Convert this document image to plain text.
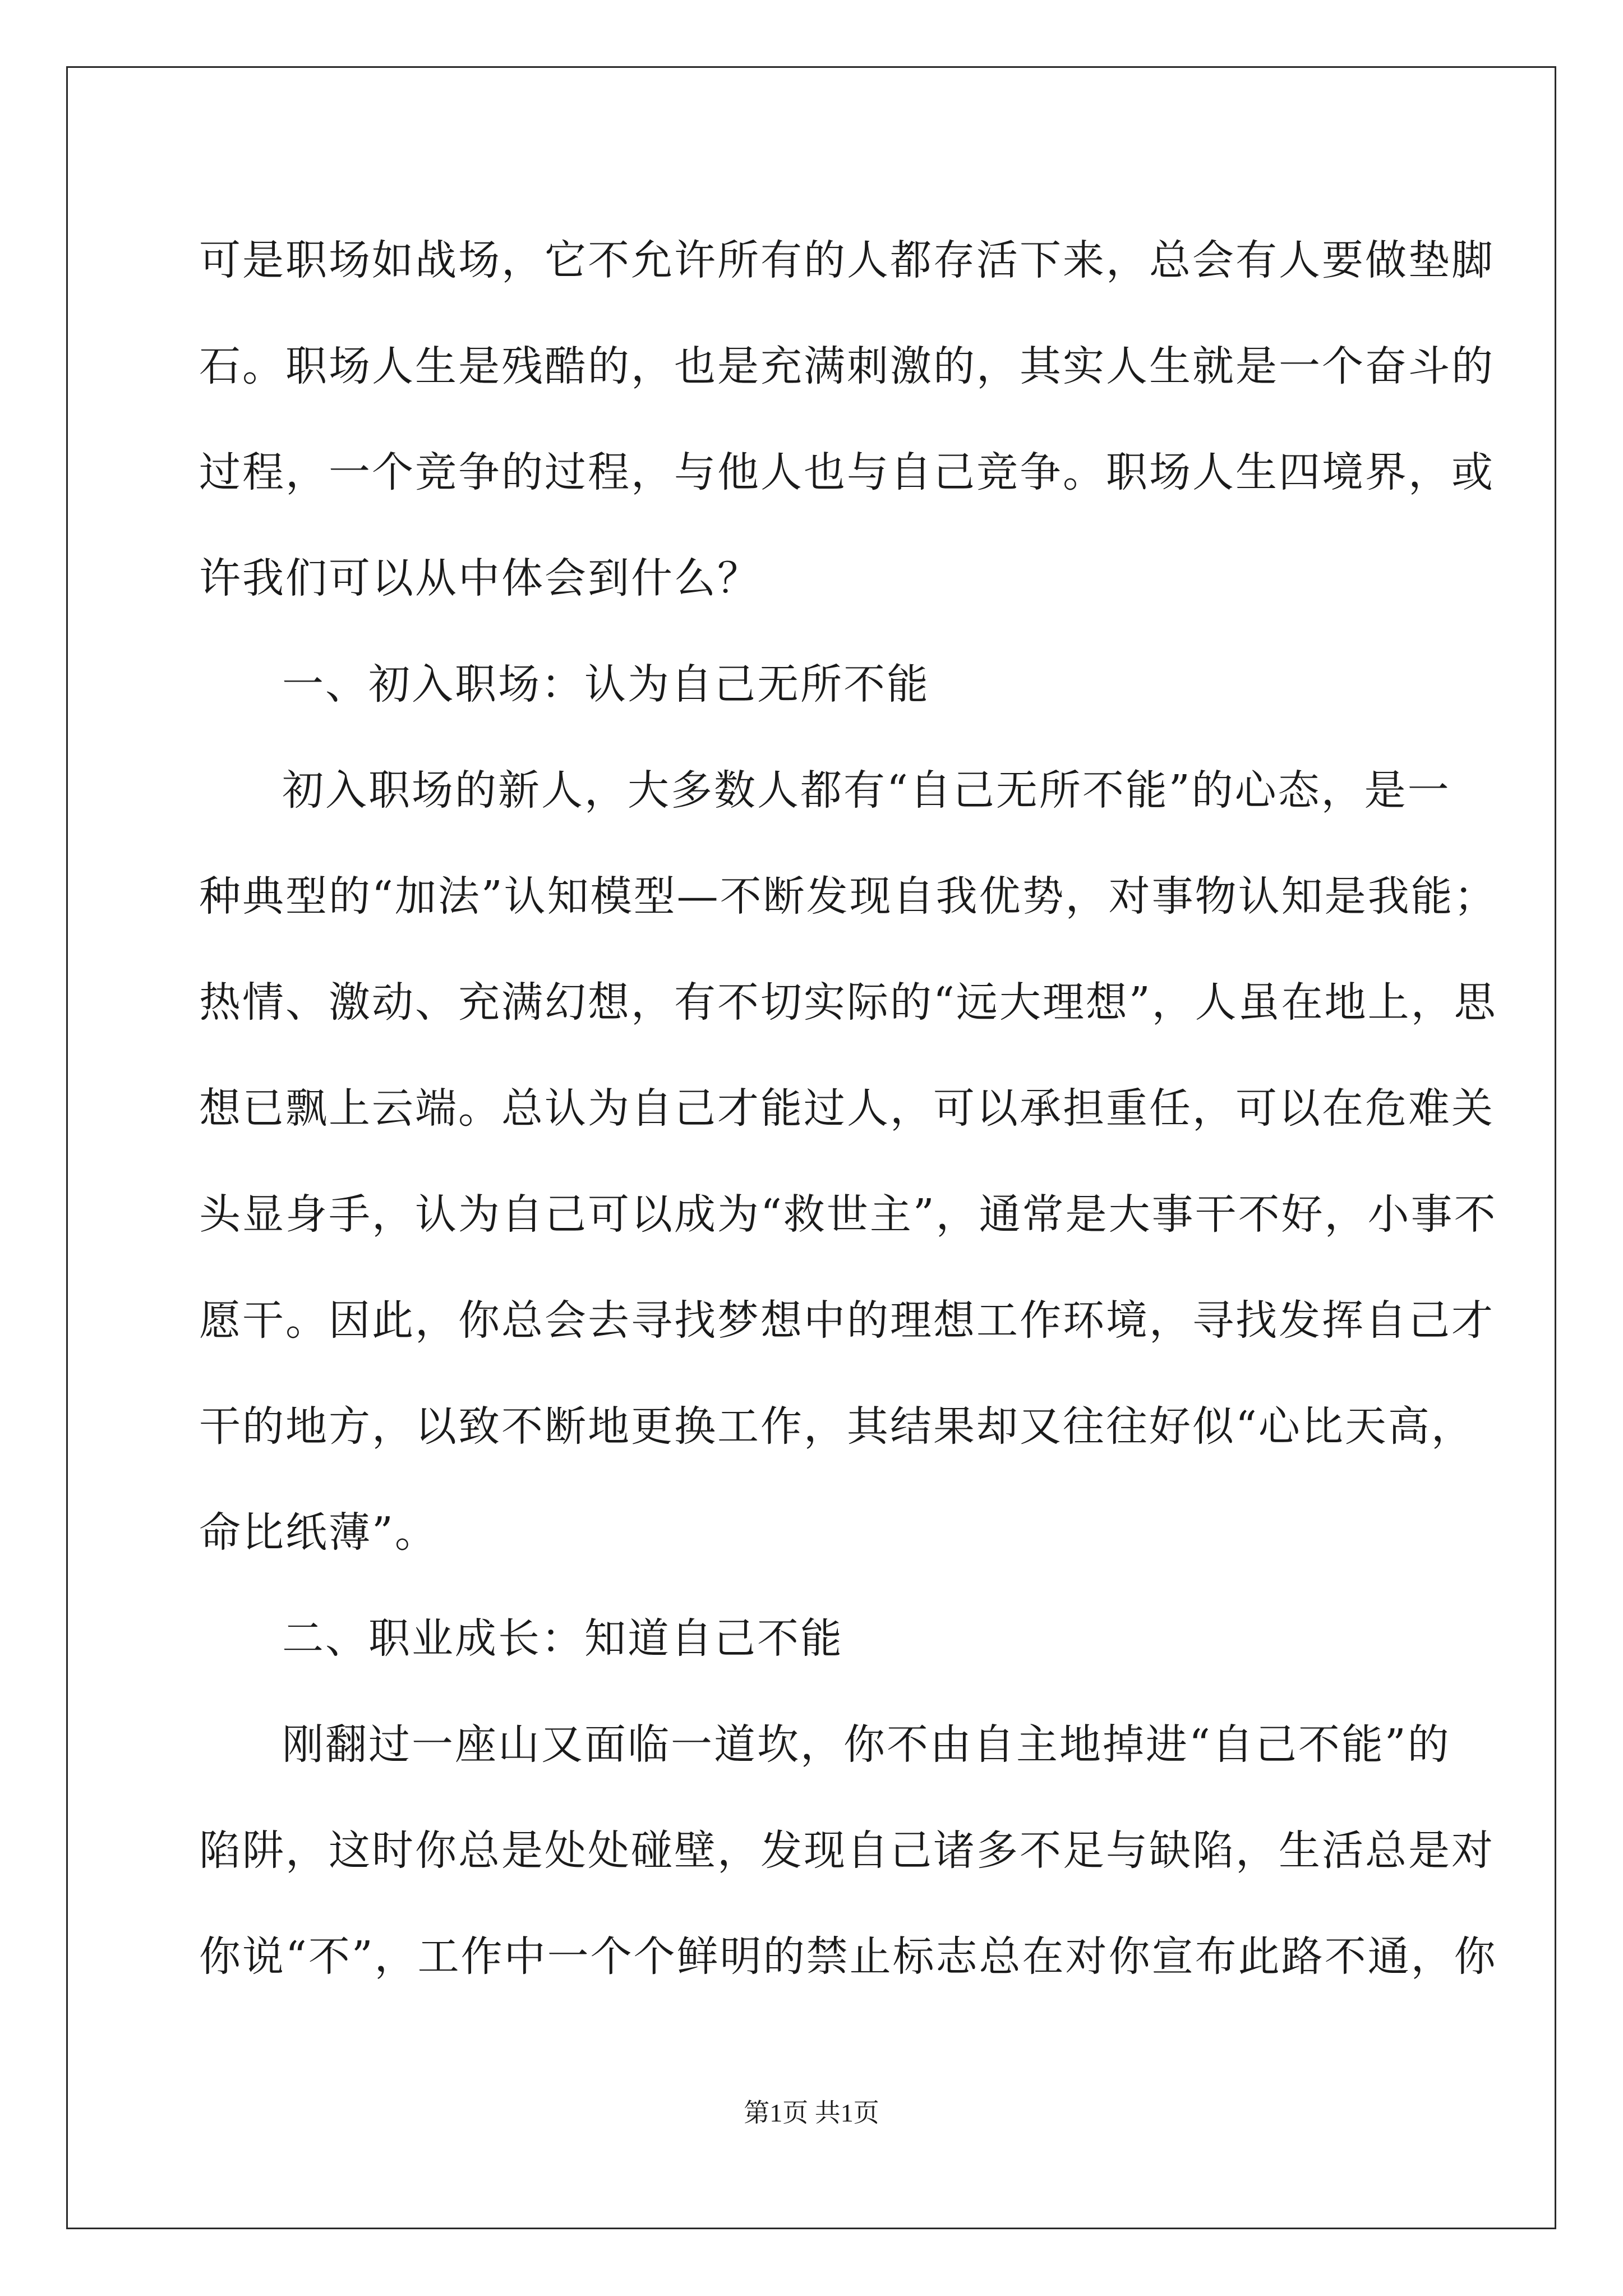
可是职场如战场，它不允许所有的人都存活下来，总会有人要做垫脚
石。职场人生是残酷的，也是充满刺激的，其实人生就是一个奋斗的
过程，一个竞争的过程，与他人也与自己竞争。职场人生四境界，或
许我们可以从中体会到什么？
一、初入职场：认为自己无所不能
初入职场的新人，大多数人都有“自己无所不能”的心态，是一
种典型的“加法”认知模型—不断发现自我优势，对事物认知是我能；
热情、激动、充满幻想，有不切实际的“远大理想”，人虽在地上，思
想已飘上云端。总认为自己才能过人，可以承担重任，可以在危难关
头显身手，认为自己可以成为“救世主”，通常是大事干不好，小事不
愿干。因此，你总会去寻找梦想中的理想工作环境，寻找发挥自己才
干的地方，以致不断地更换工作，其结果却又往往好似“心比天高，
命比纸薄”。
二、职业成长：知道自己不能
刚翻过一座山又面临一道坎，你不由自主地掉进“自己不能”的
陷阱，这时你总是处处碰壁，发现自己诸多不足与缺陷，生活总是对
你说“不”，工作中一个个鲜明的禁止标志总在对你宣布此路不通，你
第1页 共1页
